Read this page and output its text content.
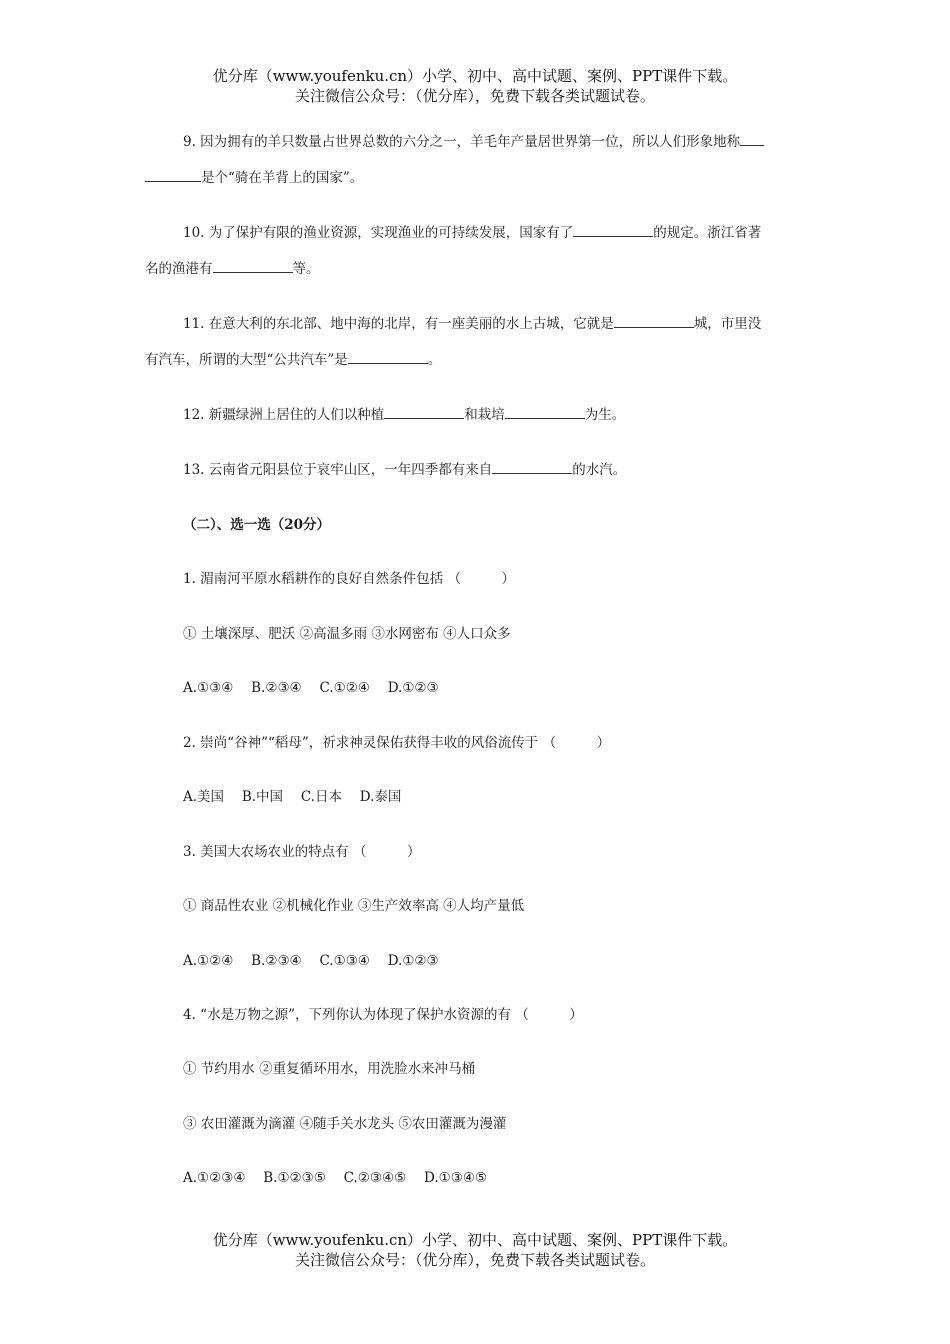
优分库（www.youfenku.cn）小学、初中、高中试题、案例、PPT课件下载。
关注微信公众号：（优分库），免费下载各类试题试卷。
9. 因为拥有的羊只数量占世界总数的六分之一，羊毛年产量居世界第一位，所以人们形象地称
是个“骑在羊背上的国家”。
10. 为了保护有限的渔业资源，实现渔业的可持续发展，国家有了	的规定。浙江省著
名的渔港有	等。
11. 在意大利的东北部、地中海的北岸，有一座美丽的水上古城，它就是	城，市里没
有汽车，所谓的大型“公共汽车”是	。
12. 新疆绿洲上居住的人们以种植	和栽培	为生。
13. 云南省元阳县位于哀牢山区，一年四季都有来自	的水汽。
（二）、选一选（20分）
1. 湄南河平原水稻耕作的良好自然条件包括 （　　　）
① 土壤深厚、肥沃 ②高温多雨 ③水网密布 ④人口众多
A.①③④　 B.②③④　 C.①②④　 D.①②③
2. 崇尚“谷神”“稻母”，祈求神灵保佑获得丰收的风俗流传于 （　　　）
A.美国　 B.中国　 C.日本　 D.泰国
3. 美国大农场农业的特点有 （　　　）
① 商品性农业 ②机械化作业 ③生产效率高 ④人均产量低
A.①②④　 B.②③④　 C.①③④　 D.①②③
4. “水是万物之源”，下列你认为体现了保护水资源的有 （　　　）
① 节约用水 ②重复循环用水，用洗脸水来冲马桶
③ 农田灌溉为滴灌 ④随手关水龙头 ⑤农田灌溉为漫灌
A.①②③④　 B.①②③⑤　 C.②③④⑤　 D.①③④⑤
优分库（www.youfenku.cn）小学、初中、高中试题、案例、PPT课件下载。
关注微信公众号：（优分库），免费下载各类试题试卷。
